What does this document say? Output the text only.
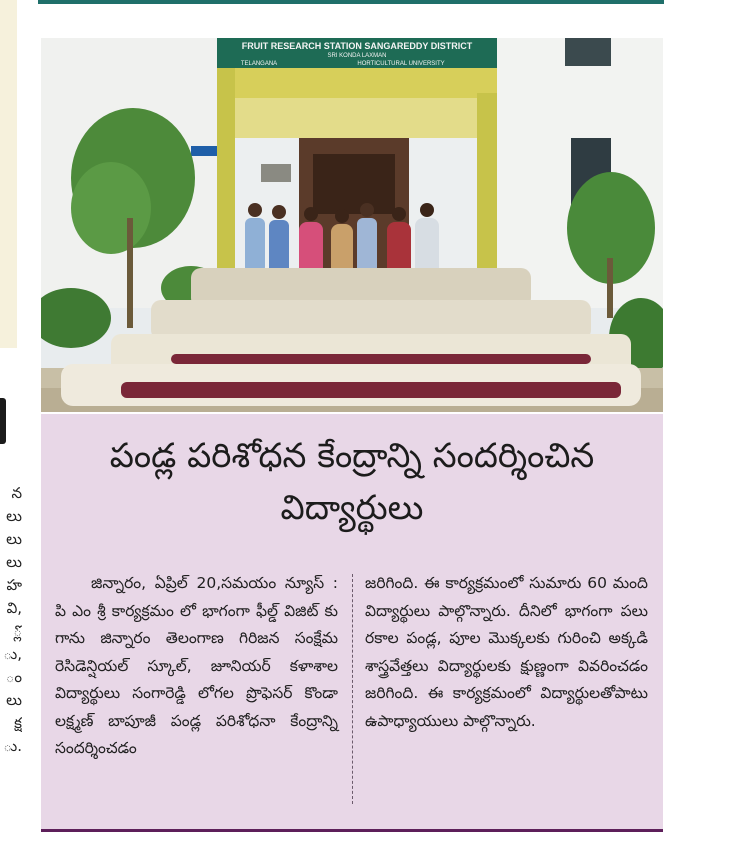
న
లు
లు
లు
హ
వి,
్లో
ు,
ం
లు
క్ష
ు.
FRUIT RESEARCH STATION SANGAREDDY DISTRICT
SRI KONDA LAXMAN
TELANGANA	HORTICULTURAL UNIVERSITY
పండ్ల పరిశోధన కేంద్రాన్ని సందర్శించిన
విద్యార్థులు
జిన్నారం, ఏప్రిల్ 20,సమయం న్యూస్ : పి ఎం శ్రీ కార్యక్రమం లో భాగంగా ఫీల్డ్ విజిట్ కు గాను జిన్నారం తెలంగాణ గిరిజన సంక్షేమ రెసిడెన్షియల్ స్కూల్, జూనియర్ కళాశాల విద్యార్థులు సంగారెడ్డి లోగల ప్రొఫెసర్ కొండా లక్ష్మణ్ బాపూజీ పండ్ల పరిశోధనా కేంద్రాన్ని సందర్శించడం
జరిగింది. ఈ కార్యక్రమంలో సుమారు 60 మంది విద్యార్థులు పాల్గొన్నారు. దీనిలో భాగంగా పలు రకాల పండ్ల, పూల మొక్కలకు గురించి అక్కడి శాస్త్రవేత్తలు విద్యార్థులకు క్షుణ్ణంగా వివరించడం జరిగింది. ఈ కార్యక్రమంలో విద్యార్థులతోపాటు ఉపాధ్యాయులు పాల్గొన్నారు.
